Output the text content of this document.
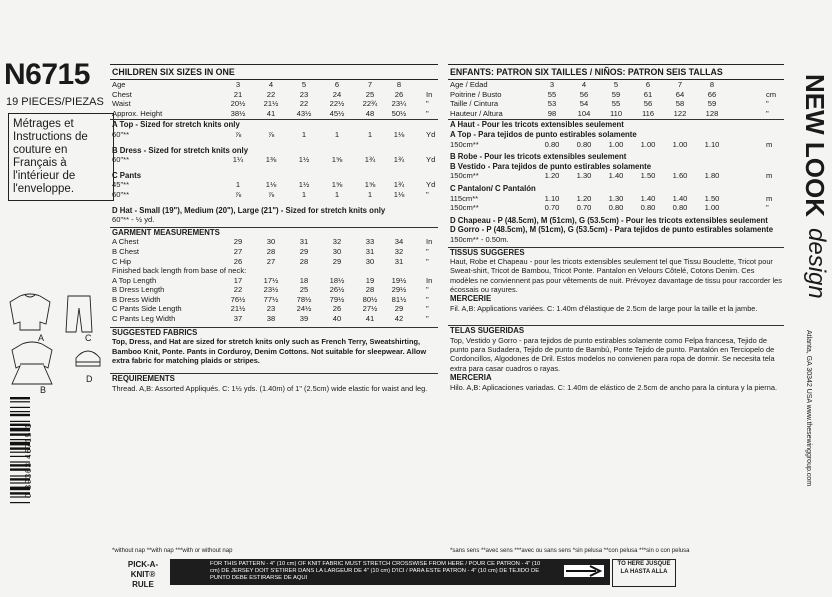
N6715
19 PIECES/PIEZAS
Métrages et Instructions de couture en Français à l'intérieur de l'enveloppe.
A	C
B
D
0 39363 46715 1
CHILDREN SIX SIZES IN ONE
Age	3	4	5	6	7	8
Chest	21	22	23	24	25	26	In
Waist	20½	21½	22	22½	22¾	23¼	"
Approx. Height	38½	41	43½	45½	48	50½	"
A Top - Sized for stretch knits only
60"**	⅞	⅞	1	1	1	1⅛	Yd
B Dress - Sized for stretch knits only
60"**	1¼	1⅜	1½	1⅝	1¾	1¾	Yd
C Pants
45"**	1	1⅛	1½	1⅝	1⅝	1¾	Yd
60"**	⅞	⅞	1	1	1	1⅛	"
D Hat - Small (19"), Medium (20"), Large (21") - Sized for stretch knits only
60"** - ½ yd.
GARMENT MEASUREMENTS
A Chest	29	30	31	32	33	34	In
B Chest	27	28	29	30	31	32	"
C Hip	26	27	28	29	30	31	"
Finished back length from base of neck:
A Top Length	17	17½	18	18½	19	19½	In
B Dress Length	22	23½	25	26½	28	29½	"
B Dress Width	76½	77½	78½	79½	80½	81½	"
C Pants Side Length	21½	23	24½	26	27½	29	"
C Pants Leg Width	37	38	39	40	41	42	"
SUGGESTED FABRICS
Top, Dress, and Hat are sized for stretch knits only such as French Terry, Sweatshirting, Bamboo Knit, Ponte. Pants in Corduroy, Denim Cottons. Not suitable for sleepwear. Allow extra fabric for matching plaids or stripes.
REQUIREMENTS
Thread. A,B: Assorted Appliqués. C: 1½ yds. (1.40m) of 1" (2.5cm) wide elastic for waist and leg.
*without nap **with nap ***with or without nap
ENFANTS: PATRON SIX TAILLES / NIÑOS: PATRON SEIS TALLAS
Age / Edad	3	4	5	6	7	8
Poitrine / Busto	55	56	59	61	64	66	cm
Taille / Cintura	53	54	55	56	58	59	"
Hauteur / Altura	98	104	110	116	122	128	"
A Haut - Pour les tricots extensibles seulement
A Top - Para tejidos de punto estirables solamente
150cm**	0.80	0.80	1.00	1.00	1.00	1.10	m
B Robe - Pour les tricots extensibles seulement
B Vestido - Para tejidos de punto estirables solamente
150cm**	1.20	1.30	1.40	1.50	1.60	1.80	m
C Pantalon/ C Pantalón
115cm**	1.10	1.20	1.30	1.40	1.40	1.50	m
150cm**	0.70	0.70	0.80	0.80	0.80	1.00	"
D Chapeau - P (48.5cm), M (51cm), G (53.5cm) - Pour les tricots extensibles seulement
D Gorro - P (48.5cm), M (51cm), G (53.5cm) - Para tejidos de punto estirables solamente
150cm** - 0.50m.
TISSUS SUGGERES
Haut, Robe et Chapeau - pour les tricots extensibles seulement tel que Tissu Bouclette, Tricot pour Sweat-shirt, Tricot de Bambou, Tricot Ponte. Pantalon en Velours Côtelé, Cotons Denim. Ces modèles ne conviennent pas pour vêtements de nuit. Prévoyez davantage de tissu pour raccorder les écossais ou rayures.
MERCERIE
Fil. A,B: Applications variées. C: 1.40m d'élastique de 2.5cm de large pour la taille et la jambe.
TELAS SUGERIDAS
Top, Vestido y Gorro - para tejidos de punto estirables solamente como Felpa francesa, Tejido de punto para Sudadera, Tejido de punto de Bambú, Ponte Tejido de punto. Pantalón en Terciopelo de Cordoncillos, Algodones de Dril. Estos modelos no convienen para ropa de dormir. Se necesita tela extra para casar cuadros o rayas.
MERCERIA
Hilo. A,B: Aplicaciones variadas. C: 1.40m de elástico de 2.5cm de ancho para la cintura y la pierna.
*sans sens **avec sens ***avec ou sans sens *sin pelusa **con pelusa ***sin o con pelusa
PICK-A-KNIT® RULE
FOR THIS PATTERN - 4" (10 cm) OF KNIT FABRIC MUST STRETCH CROSSWISE FROM HERE / POUR CE PATRON - 4" (10 cm) DE JERSEY DOIT S'ETIRER DANS LA LARGEUR DE 4" (10 cm) D'ICI / PARA ESTE PATRON - 4" (10 cm) DE TEJIDO DE PUNTO DEBE ESTIRARSE DE AQUI
TO HERE JUSQUE LA HASTA ALLA
NEW LOOK
design
Atlanta, GA 30342 USA www.thesewinggroup.com
